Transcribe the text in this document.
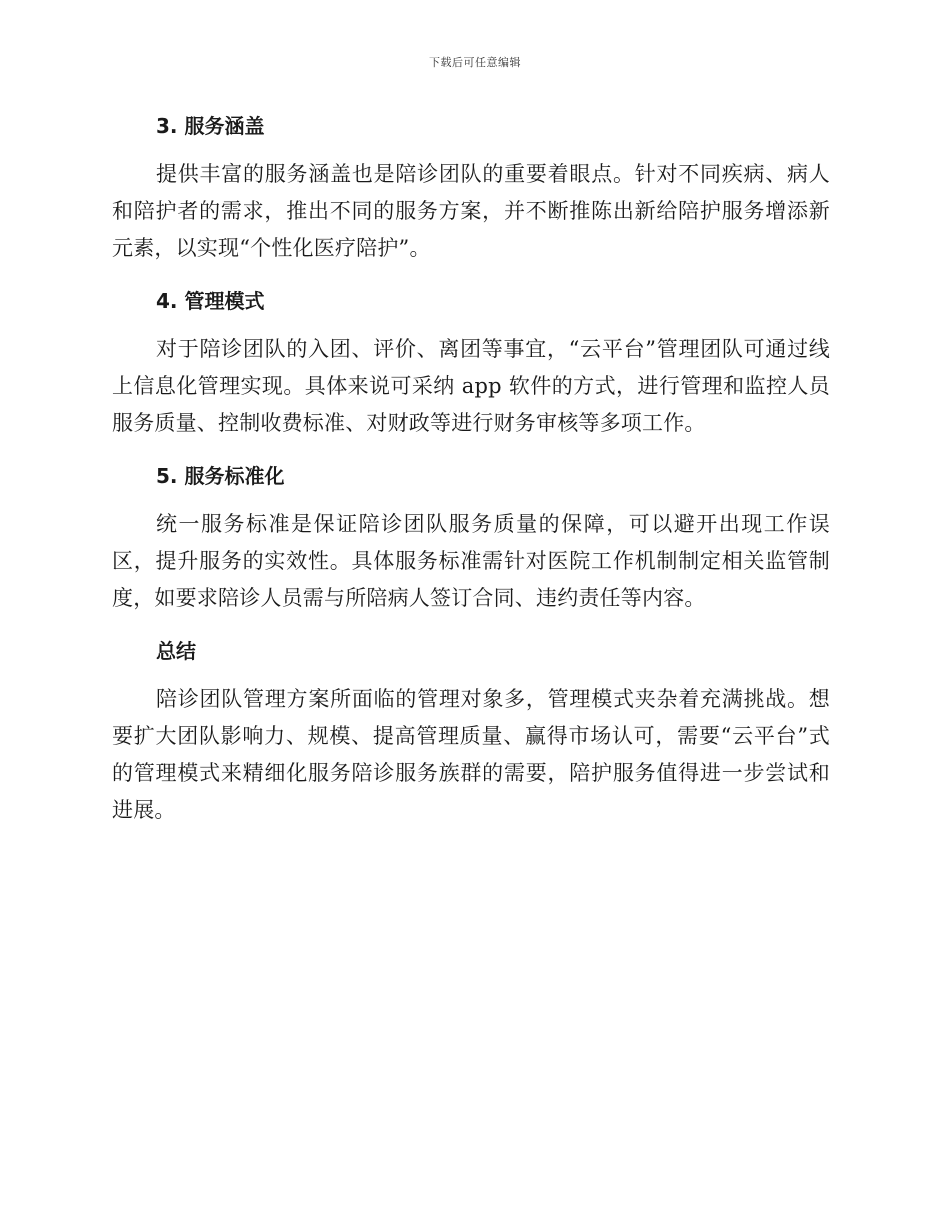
下载后可任意编辑
3. 服务涵盖

提供丰富的服务涵盖也是陪诊团队的重要着眼点。针对不同疾病、病人和陪护者的需求，推出不同的服务方案，并不断推陈出新给陪护服务增添新元素，以实现“个性化医疗陪护”。

4. 管理模式

对于陪诊团队的入团、评价、离团等事宜，“云平台”管理团队可通过线上信息化管理实现。具体来说可采纳 app 软件的方式，进行管理和监控人员服务质量、控制收费标准、对财政等进行财务审核等多项工作。

5. 服务标准化

统一服务标准是保证陪诊团队服务质量的保障，可以避开出现工作误区，提升服务的实效性。具体服务标准需针对医院工作机制制定相关监管制度，如要求陪诊人员需与所陪病人签订合同、违约责任等内容。

总结

陪诊团队管理方案所面临的管理对象多，管理模式夹杂着充满挑战。想要扩大团队影响力、规模、提高管理质量、赢得市场认可，需要“云平台”式的管理模式来精细化服务陪诊服务族群的需要，陪护服务值得进一步尝试和进展。
